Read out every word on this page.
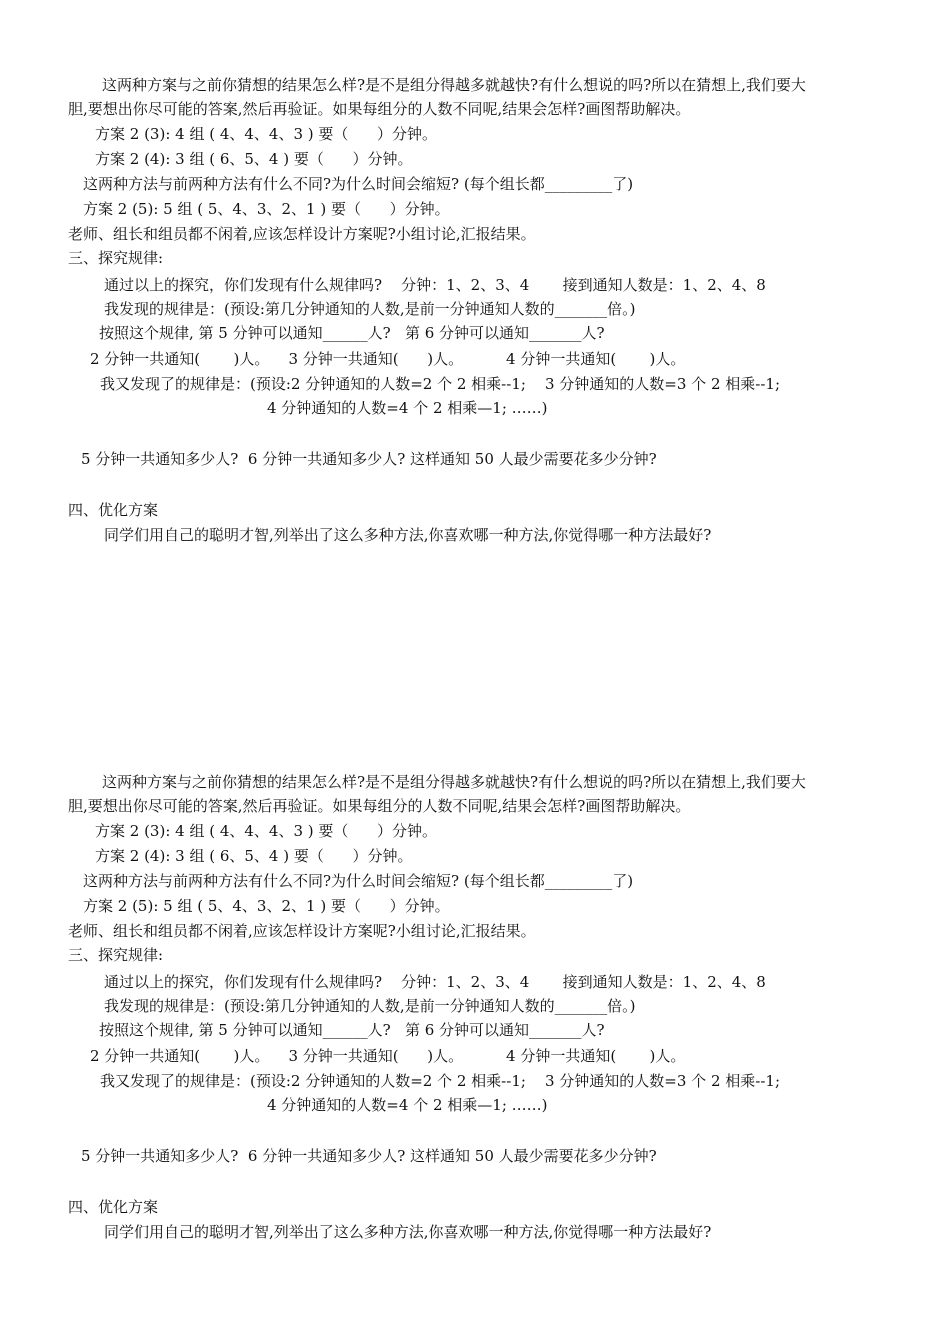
这两种方案与之前你猜想的结果怎么样?是不是组分得越多就越快?有什么想说的吗?所以在猜想上,我们要大
胆,要想出你尽可能的答案,然后再验证。如果每组分的人数不同呢,结果会怎样?画图帮助解决。
方案 2 (3): 4 组 ( 4、4、4、3 ) 要（      ）分钟。
方案 2 (4): 3 组 ( 6、5、4 ) 要（      ）分钟。
这两种方法与前两种方法有什么不同?为什么时间会缩短? (每个组长都_________了)
方案 2 (5): 5 组 ( 5、4、3、2、1 ) 要（      ）分钟。
老师、组长和组员都不闲着,应该怎样设计方案呢?小组讨论,汇报结果。
三、探究规律:
通过以上的探究，你们发现有什么规律吗?    分钟：1、2、3、4       接到通知人数是：1、2、4、8
我发现的规律是：(预设:第几分钟通知的人数,是前一分钟通知人数的_______倍。)
按照这个规律, 第 5 分钟可以通知______人?   第 6 分钟可以通知_______人?
2 分钟一共通知(       )人。    3 分钟一共通知(      )人。         4 分钟一共通知(       )人。
我又发现了的规律是：(预设:2 分钟通知的人数=2 个 2 相乘--1;    3 分钟通知的人数=3 个 2 相乘--1;
4 分钟通知的人数=4 个 2 相乘—1; ……)
5 分钟一共通知多少人?  6 分钟一共通知多少人? 这样通知 50 人最少需要花多少分钟?
四、优化方案
同学们用自己的聪明才智,列举出了这么多种方法,你喜欢哪一种方法,你觉得哪一种方法最好?
这两种方案与之前你猜想的结果怎么样?是不是组分得越多就越快?有什么想说的吗?所以在猜想上,我们要大
胆,要想出你尽可能的答案,然后再验证。如果每组分的人数不同呢,结果会怎样?画图帮助解决。
方案 2 (3): 4 组 ( 4、4、4、3 ) 要（      ）分钟。
方案 2 (4): 3 组 ( 6、5、4 ) 要（      ）分钟。
这两种方法与前两种方法有什么不同?为什么时间会缩短? (每个组长都_________了)
方案 2 (5): 5 组 ( 5、4、3、2、1 ) 要（      ）分钟。
老师、组长和组员都不闲着,应该怎样设计方案呢?小组讨论,汇报结果。
三、探究规律:
通过以上的探究，你们发现有什么规律吗?    分钟：1、2、3、4       接到通知人数是：1、2、4、8
我发现的规律是：(预设:第几分钟通知的人数,是前一分钟通知人数的_______倍。)
按照这个规律, 第 5 分钟可以通知______人?   第 6 分钟可以通知_______人?
2 分钟一共通知(       )人。    3 分钟一共通知(      )人。         4 分钟一共通知(       )人。
我又发现了的规律是：(预设:2 分钟通知的人数=2 个 2 相乘--1;    3 分钟通知的人数=3 个 2 相乘--1;
4 分钟通知的人数=4 个 2 相乘—1; ……)
5 分钟一共通知多少人?  6 分钟一共通知多少人? 这样通知 50 人最少需要花多少分钟?
四、优化方案
同学们用自己的聪明才智,列举出了这么多种方法,你喜欢哪一种方法,你觉得哪一种方法最好?
